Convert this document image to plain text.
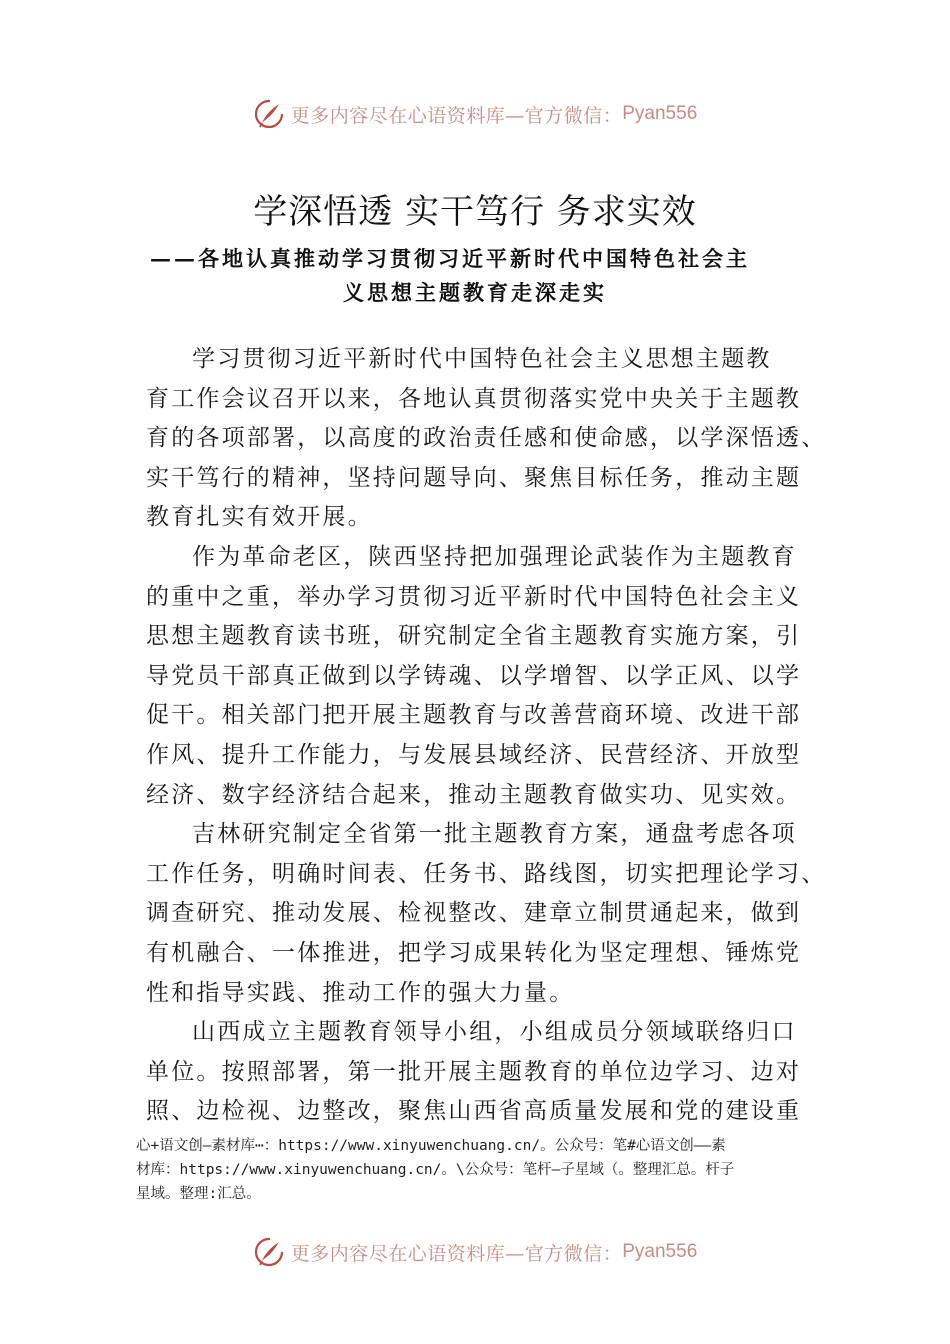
更多内容尽在心语资料库—官方微信： Pyan556
学深悟透 实干笃行 务求实效
——各地认真推动学习贯彻习近平新时代中国特色社会主
义思想主题教育走深走实
学习贯彻习近平新时代中国特色社会主义思想主题教
育工作会议召开以来，各地认真贯彻落实党中央关于主题教
育的各项部署，以高度的政治责任感和使命感，以学深悟透、
实干笃行的精神，坚持问题导向、聚焦目标任务，推动主题
教育扎实有效开展。
作为革命老区，陕西坚持把加强理论武装作为主题教育
的重中之重，举办学习贯彻习近平新时代中国特色社会主义
思想主题教育读书班，研究制定全省主题教育实施方案，引
导党员干部真正做到以学铸魂、以学增智、以学正风、以学
促干。相关部门把开展主题教育与改善营商环境、改进干部
作风、提升工作能力，与发展县域经济、民营经济、开放型
经济、数字经济结合起来，推动主题教育做实功、见实效。
吉林研究制定全省第一批主题教育方案，通盘考虑各项
工作任务，明确时间表、任务书、路线图，切实把理论学习、
调查研究、推动发展、检视整改、建章立制贯通起来，做到
有机融合、一体推进，把学习成果转化为坚定理想、锤炼党
性和指导实践、推动工作的强大力量。
山西成立主题教育领导小组，小组成员分领域联络归口
单位。按照部署，第一批开展主题教育的单位边学习、边对
照、边检视、边整改，聚焦山西省高质量发展和党的建设重
心+语文创—素材库⋯：https://www.xinyuwenchuang.cn/。公众号：笔#心语文创——素
材库：https://www.xinyuwenchuang.cn/。\公众号：笔杆—子星域（。整理汇总。杆子
星域。整理:汇总。
更多内容尽在心语资料库—官方微信： Pyan556
